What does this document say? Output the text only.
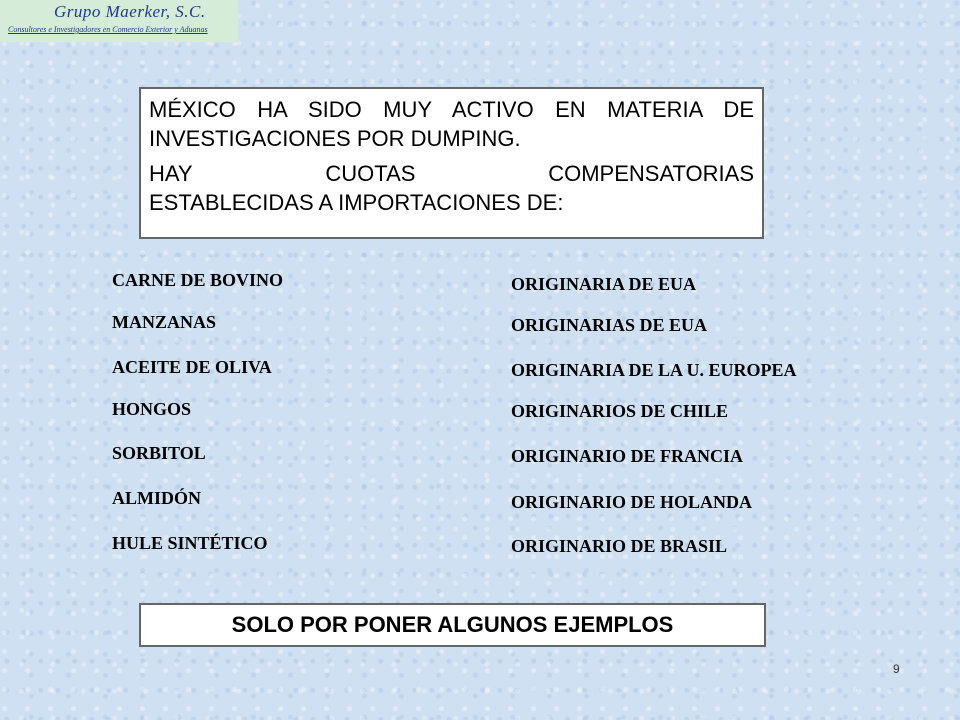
Grupo Maerker, S.C.
Consultores e Investigadores en Comercio Exterior y Aduanas

MÉXICO HA SIDO MUY ACTIVO EN MATERIA DE INVESTIGACIONES POR DUMPING.

HAY	CUOTAS	COMPENSATORIAS
ESTABLECIDAS A IMPORTACIONES DE:
CARNE DE BOVINO	ORIGINARIA DE EUA
MANZANAS	ORIGINARIAS DE EUA
ACEITE DE OLIVA	ORIGINARIA DE LA U. EUROPEA
HONGOS	ORIGINARIOS DE CHILE
SORBITOL	ORIGINARIO DE FRANCIA
ALMIDÓN	ORIGINARIO DE HOLANDA
HULE SINTÉTICO	ORIGINARIO DE BRASIL
SOLO POR PONER ALGUNOS EJEMPLOS
9
